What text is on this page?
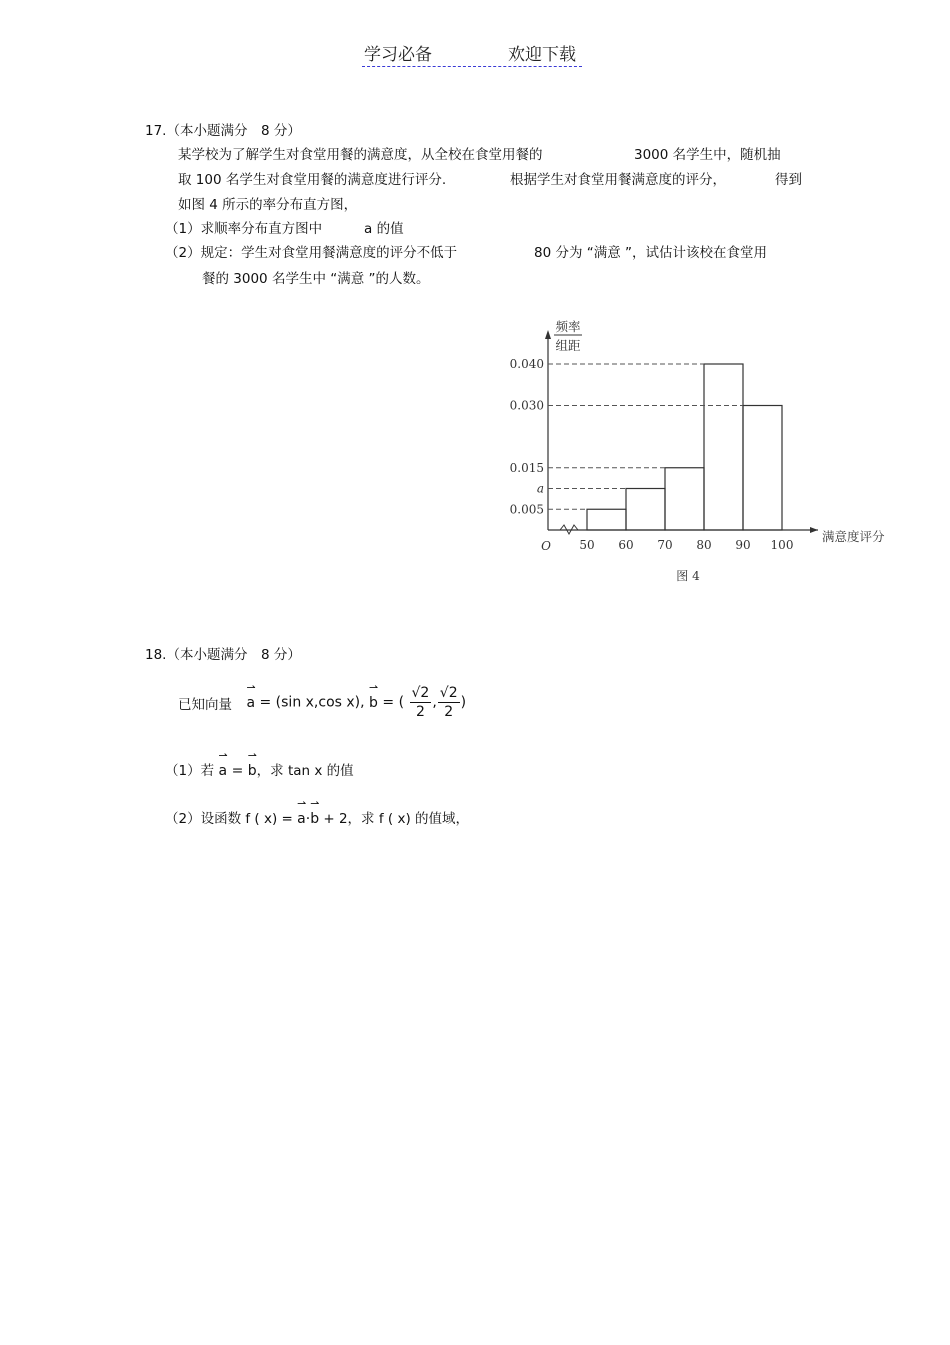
学习必备	欢迎下载
17.（本小题满分　8 分）
某学校为了解学生对食堂用餐的满意度，从全校在食堂用餐的	3000 名学生中，随机抽
取 100 名学生对食堂用餐的满意度进行评分.	根据学生对食堂用餐满意度的评分，	得到
如图 4 所示的率分布直方图，
（1）求顺率分布直方图中	a 的值
（2）规定：学生对食堂用餐满意度的评分不低于	80 分为 “满意 ”，试估计该校在食堂用
餐的 3000 名学生中 “满意 ”的人数。
0.040
0.030
0.015
a
0.005
50 60 70 80 90 100
O
满意度评分
频率
组距
图 4
18.（本小题满分　8 分）
已知向量
⇀
a = (sin x,cos x),
⇀
b = ( $\frac{√2}{2}$ , $\frac{√2}{2}$ )
（1）若
⇀
a =
⇀
b，求 tan x 的值
（2）设函数 f ( x) =
⇀
a·
⇀
b + 2，求 f ( x) 的值域，
